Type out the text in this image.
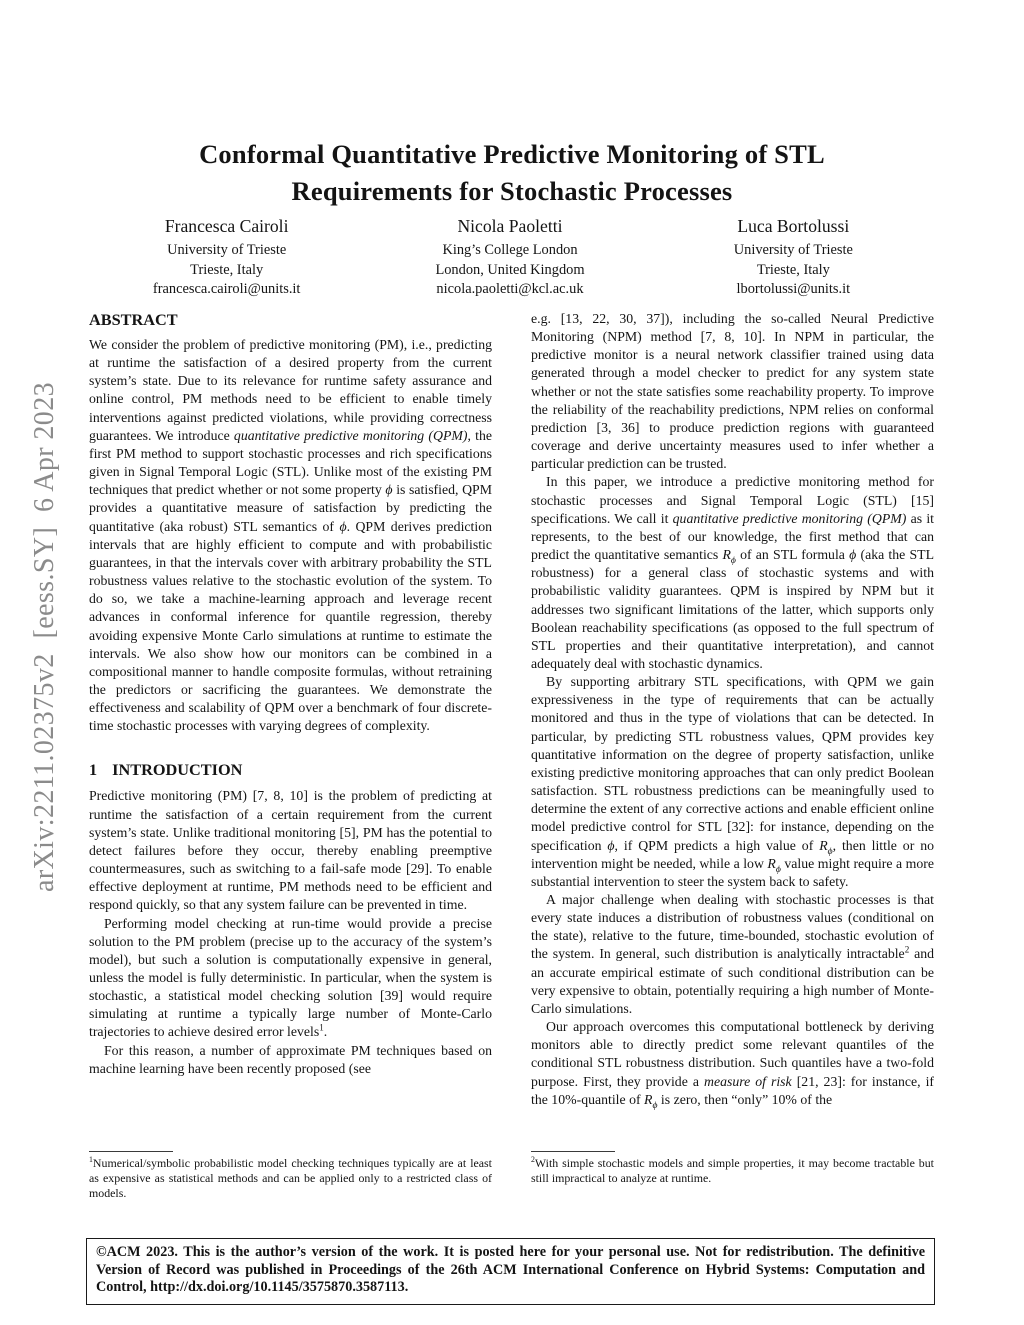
arXiv:2211.02375v2  [eess.SY]  6 Apr 2023
Conformal Quantitative Predictive Monitoring of STL
Requirements for Stochastic Processes
Francesca Cairoli
University of Trieste
Trieste, Italy
francesca.cairoli@units.it
Nicola Paoletti
King’s College London
London, United Kingdom
nicola.paoletti@kcl.ac.uk
Luca Bortolussi
University of Trieste
Trieste, Italy
lbortolussi@units.it
ABSTRACT

We consider the problem of predictive monitoring (PM), i.e., predicting at runtime the satisfaction of a desired property from the current system’s state. Due to its relevance for runtime safety assurance and online control, PM methods need to be efficient to enable timely interventions against predicted violations, while providing correctness guarantees. We introduce quantitative predictive monitoring (QPM), the first PM method to support stochastic processes and rich specifications given in Signal Temporal Logic (STL). Unlike most of the existing PM techniques that predict whether or not some property ϕ is satisfied, QPM provides a quantitative measure of satisfaction by predicting the quantitative (aka robust) STL semantics of ϕ. QPM derives prediction intervals that are highly efficient to compute and with probabilistic guarantees, in that the intervals cover with arbitrary probability the STL robustness values relative to the stochastic evolution of the system. To do so, we take a machine-learning approach and leverage recent advances in conformal inference for quantile regression, thereby avoiding expensive Monte Carlo simulations at runtime to estimate the intervals. We also show how our monitors can be combined in a compositional manner to handle composite formulas, without retraining the predictors or sacrificing the guarantees. We demonstrate the effectiveness and scalability of QPM over a benchmark of four discrete-time stochastic processes with varying degrees of complexity.

1 INTRODUCTION

Predictive monitoring (PM) [7, 8, 10] is the problem of predicting at runtime the satisfaction of a certain requirement from the current system’s state. Unlike traditional monitoring [5], PM has the potential to detect failures before they occur, thereby enabling preemptive countermeasures, such as switching to a fail-safe mode [29]. To enable effective deployment at runtime, PM methods need to be efficient and respond quickly, so that any system failure can be prevented in time.

Performing model checking at run-time would provide a precise solution to the PM problem (precise up to the accuracy of the system’s model), but such a solution is computationally expensive in general, unless the model is fully deterministic. In particular, when the system is stochastic, a statistical model checking solution [39] would require simulating at runtime a typically large number of Monte-Carlo trajectories to achieve desired error levels$^1$.

For this reason, a number of approximate PM techniques based on machine learning have been recently proposed (see

$^1$Numerical/symbolic probabilistic model checking techniques typically are at least as expensive as statistical methods and can be applied only to a restricted class of models.

e.g. [13, 22, 30, 37]), including the so-called Neural Predictive Monitoring (NPM) method [7, 8, 10]. In NPM in particular, the predictive monitor is a neural network classifier trained using data generated through a model checker to predict for any system state whether or not the state satisfies some reachability property. To improve the reliability of the reachability predictions, NPM relies on conformal prediction [3, 36] to produce prediction regions with guaranteed coverage and derive uncertainty measures used to infer whether a particular prediction can be trusted.

In this paper, we introduce a predictive monitoring method for stochastic processes and Signal Temporal Logic (STL) [15] specifications. We call it quantitative predictive monitoring (QPM) as it represents, to the best of our knowledge, the first method that can predict the quantitative semantics $R_\phi$ of an STL formula ϕ (aka the STL robustness) for a general class of stochastic systems and with probabilistic validity guarantees. QPM is inspired by NPM but it addresses two significant limitations of the latter, which supports only Boolean reachability specifications (as opposed to the full spectrum of STL properties and their quantitative interpretation), and cannot adequately deal with stochastic dynamics.

By supporting arbitrary STL specifications, with QPM we gain expressiveness in the type of requirements that can be actually monitored and thus in the type of violations that can be detected. In particular, by predicting STL robustness values, QPM provides key quantitative information on the degree of property satisfaction, unlike existing predictive monitoring approaches that can only predict Boolean satisfaction. STL robustness predictions can be meaningfully used to determine the extent of any corrective actions and enable efficient online model predictive control for STL [32]: for instance, depending on the specification ϕ, if QPM predicts a high value of $R_\phi$, then little or no intervention might be needed, while a low $R_\phi$ value might require a more substantial intervention to steer the system back to safety.

A major challenge when dealing with stochastic processes is that every state induces a distribution of robustness values (conditional on the state), relative to the future, time-bounded, stochastic evolution of the system. In general, such distribution is analytically intractable$^2$ and an accurate empirical estimate of such conditional distribution can be very expensive to obtain, potentially requiring a high number of Monte-Carlo simulations.

Our approach overcomes this computational bottleneck by deriving monitors able to directly predict some relevant quantiles of the conditional STL robustness distribution. Such quantiles have a two-fold purpose. First, they provide a measure of risk [21, 23]: for instance, if the 10%-quantile of $R_\phi$ is zero, then “only” 10% of the

$^2$With simple stochastic models and simple properties, it may become tractable but still impractical to analyze at runtime.

©ACM 2023. This is the author’s version of the work. It is posted here for your personal use. Not for redistribution. The definitive Version of Record was published in Proceedings of the 26th ACM International Conference on Hybrid Systems: Computation and Control, http://dx.doi.org/10.1145/3575870.3587113.
